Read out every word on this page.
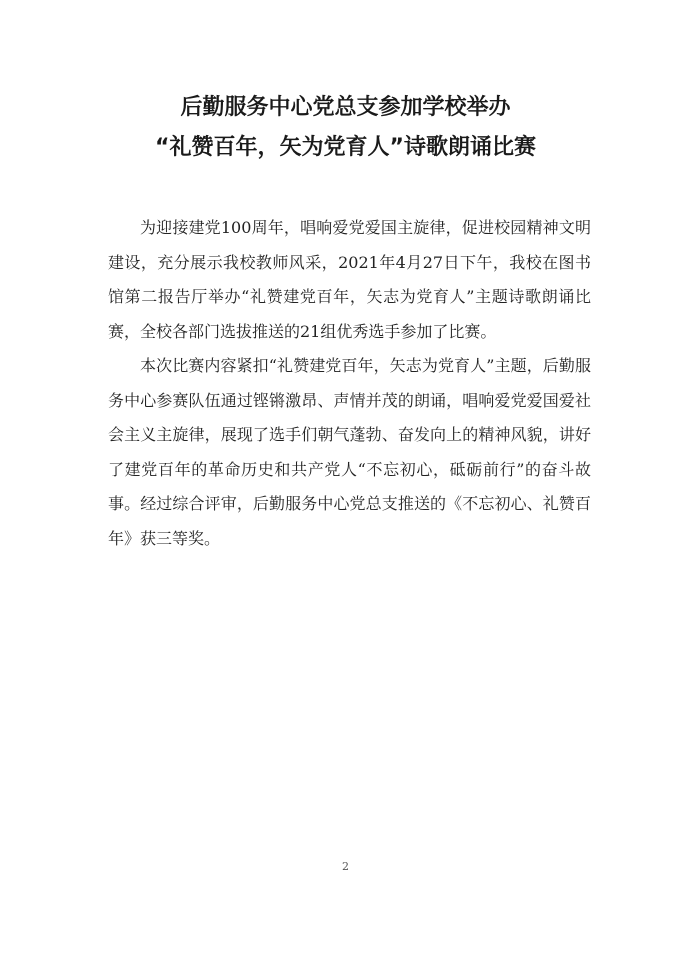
后勤服务中心党总支参加学校举办
“礼赞百年，矢为党育人”诗歌朗诵比赛

为迎接建党100周年，唱响爱党爱国主旋律，促进校园精神文明建设，充分展示我校教师风采，2021年4月27日下午，我校在图书馆第二报告厅举办“礼赞建党百年，矢志为党育人”主题诗歌朗诵比赛，全校各部门选拔推送的21组优秀选手参加了比赛。

本次比赛内容紧扣“礼赞建党百年，矢志为党育人”主题，后勤服务中心参赛队伍通过铿锵激昂、声情并茂的朗诵，唱响爱党爱国爱社会主义主旋律，展现了选手们朝气蓬勃、奋发向上的精神风貌，讲好了建党百年的革命历史和共产党人“不忘初心，砥砺前行”的奋斗故事。经过综合评审，后勤服务中心党总支推送的《不忘初心、礼赞百年》获三等奖。

2
